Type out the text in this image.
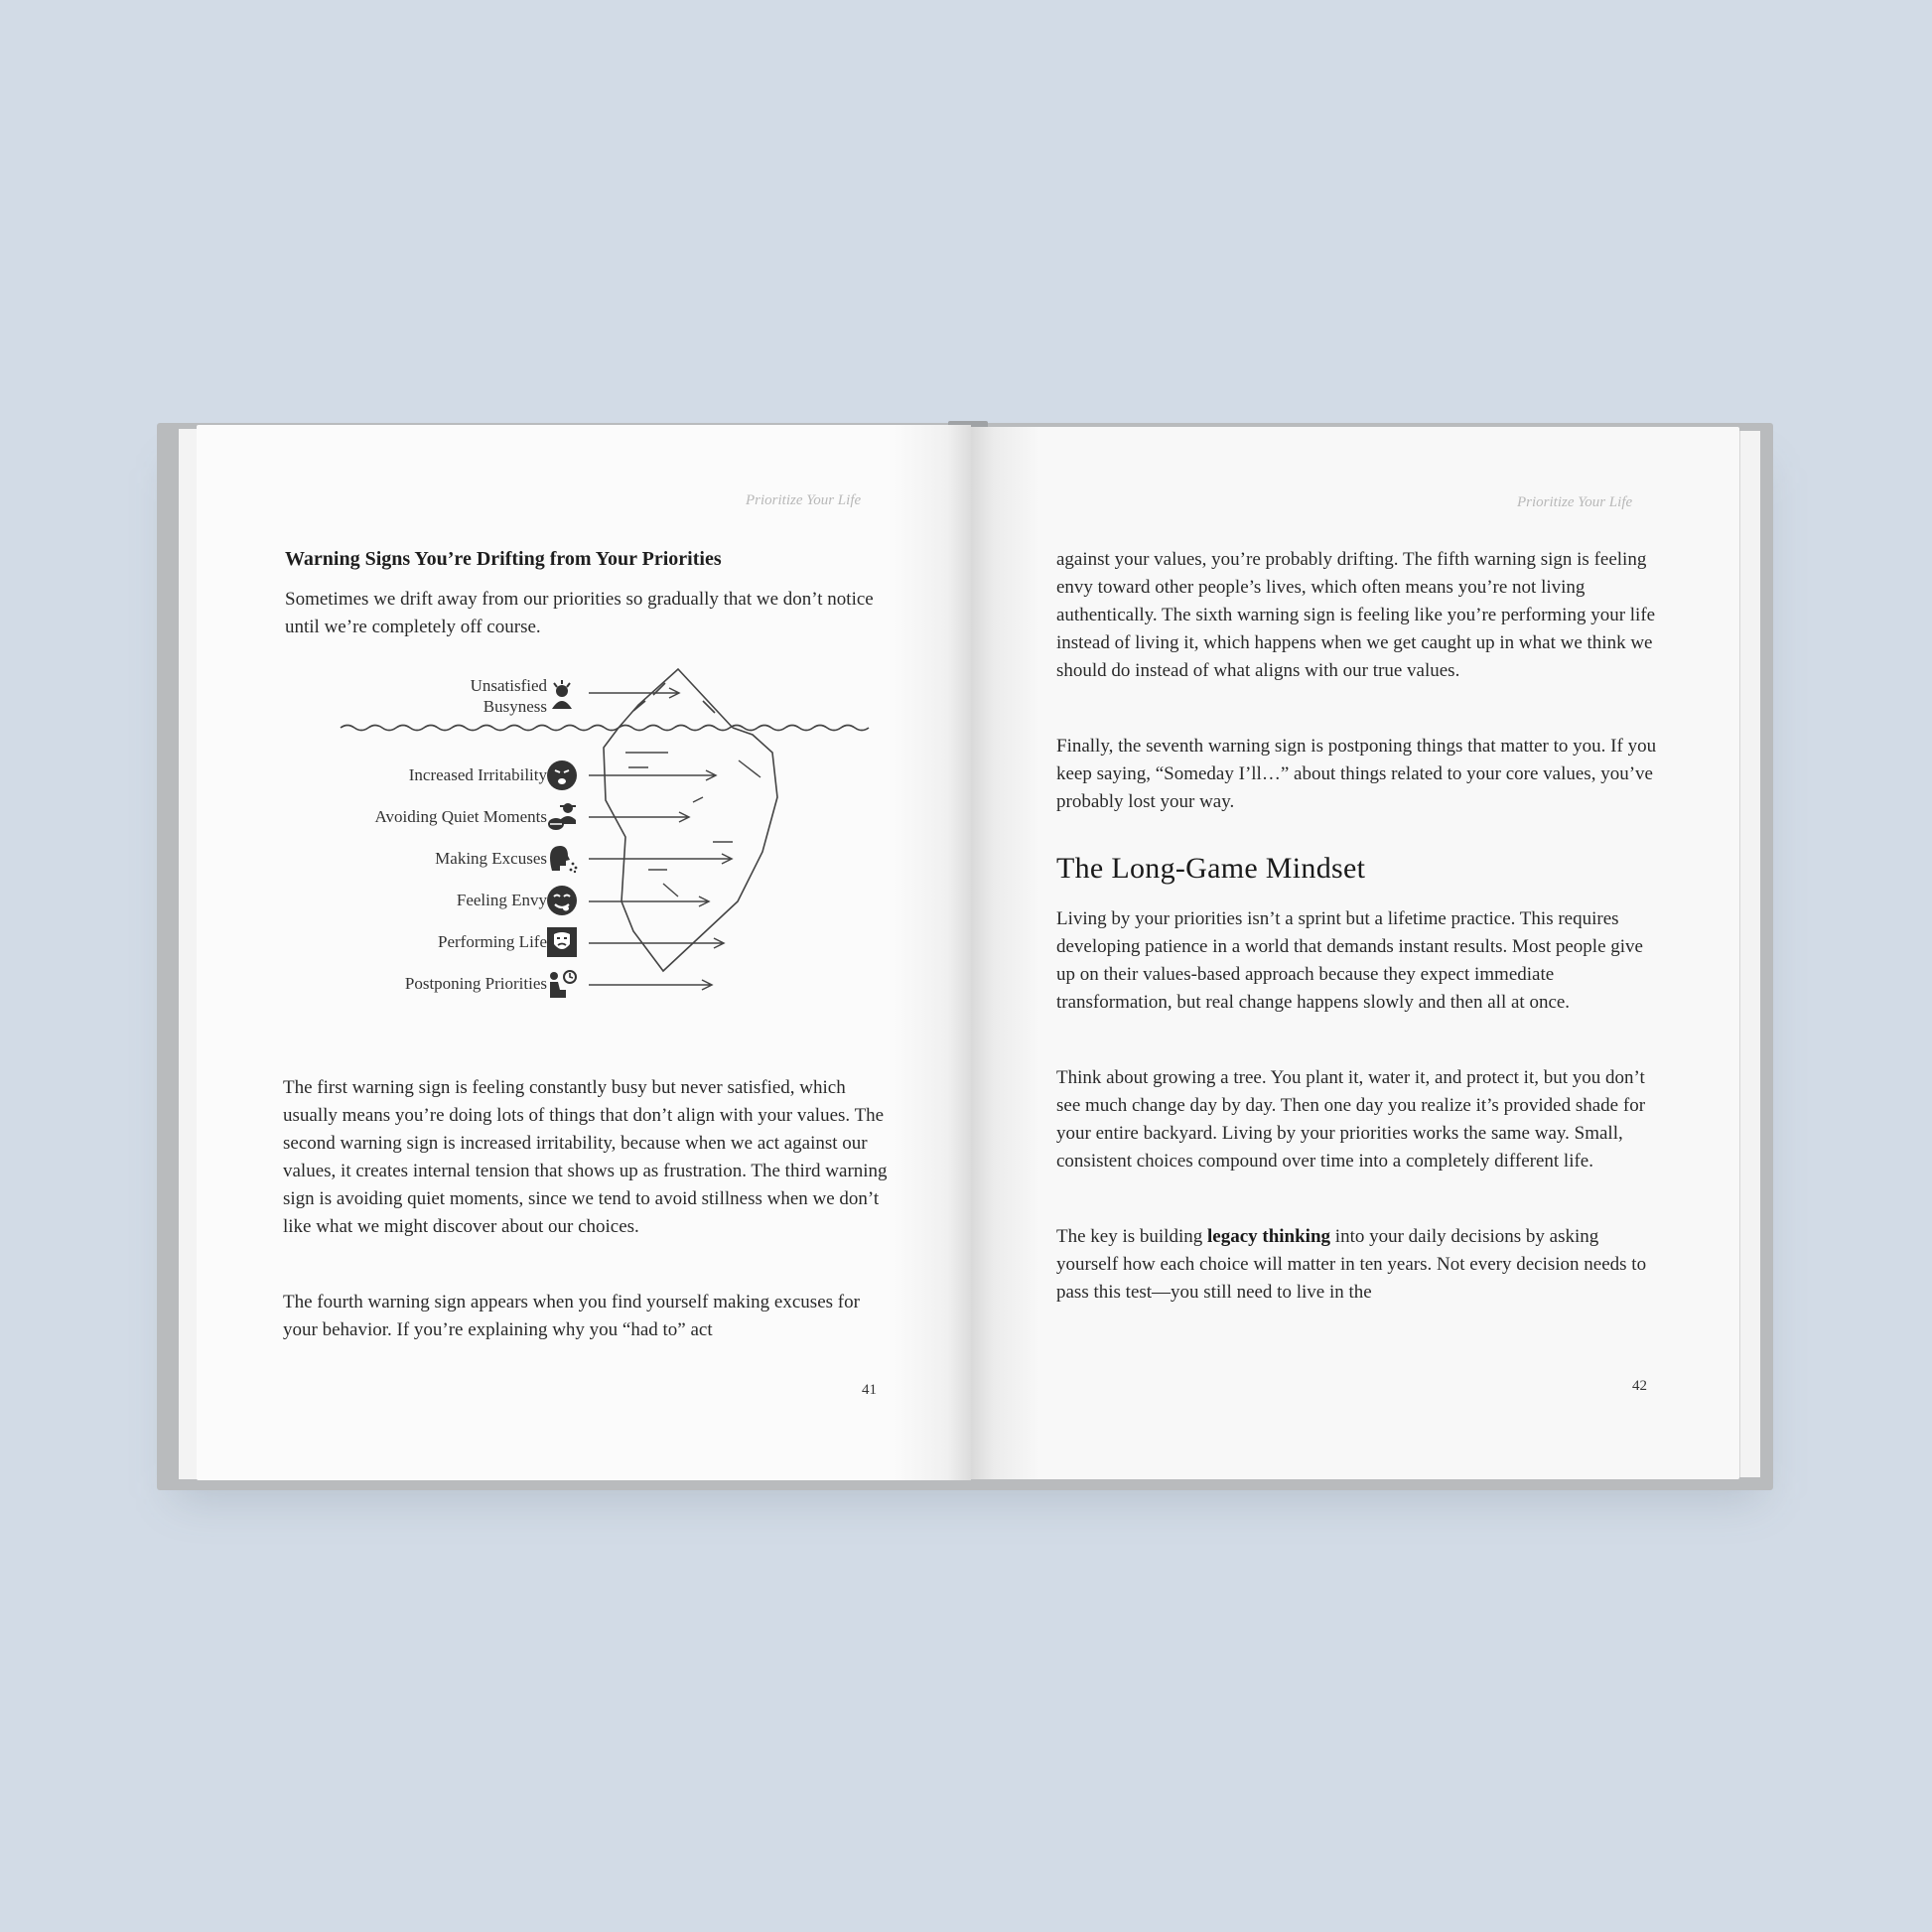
Prioritize Your Life
Warning Signs You’re Drifting from Your Priorities

Sometimes we drift away from our priorities so gradually that we don’t notice until we’re completely off course.

Unsatisfied
Busyness
Increased Irritability
Avoiding Quiet Moments
Making Excuses
Feeling Envy
Performing Life
Postponing Priorities

The first warning sign is feeling constantly busy but never satisfied, which usually means you’re doing lots of things that don’t align with your values. The second warning sign is increased irritability, because when we act against our values, it creates internal tension that shows up as frustration. The third warning sign is avoiding quiet moments, since we tend to avoid stillness when we don’t like what we might discover about our choices.

The fourth warning sign appears when you find yourself making excuses for your behavior. If you’re explaining why you “had to” act

41
Prioritize Your Life

against your values, you’re probably drifting. The fifth warning sign is feeling envy toward other people’s lives, which often means you’re not living authentically. The sixth warning sign is feeling like you’re performing your life instead of living it, which happens when we get caught up in what we think we should do instead of what aligns with our true values.

Finally, the seventh warning sign is postponing things that matter to you. If you keep saying, “Someday I’ll…” about things related to your core values, you’ve probably lost your way.

The Long-Game Mindset

Living by your priorities isn’t a sprint but a lifetime practice. This requires developing patience in a world that demands instant results. Most people give up on their values-based approach because they expect immediate transformation, but real change happens slowly and then all at once.

Think about growing a tree. You plant it, water it, and protect it, but you don’t see much change day by day. Then one day you realize it’s provided shade for your entire backyard. Living by your priorities works the same way. Small, consistent choices compound over time into a completely different life.

The key is building legacy thinking into your daily decisions by asking yourself how each choice will matter in ten years. Not every decision needs to pass this test—you still need to live in the

42
